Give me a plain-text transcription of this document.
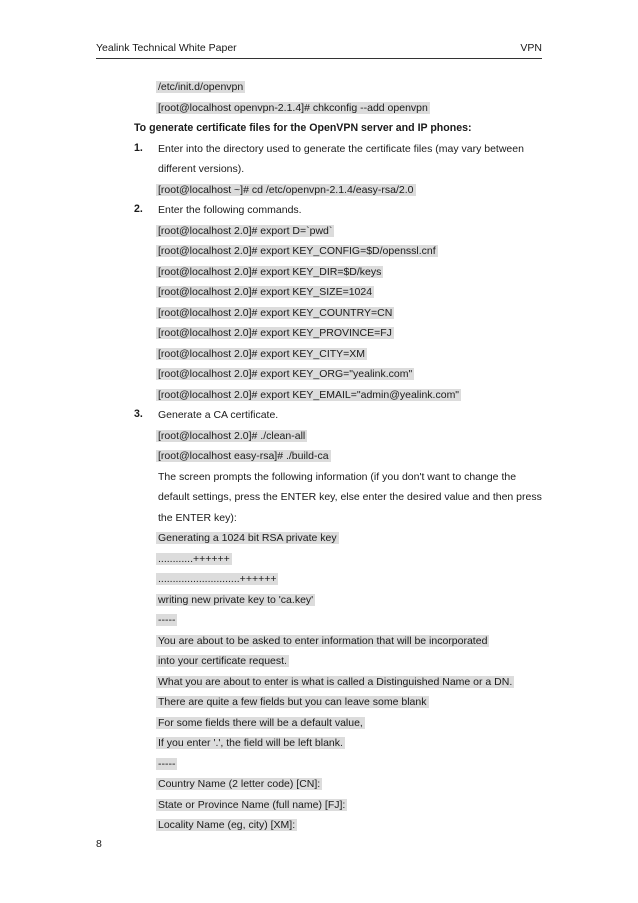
Yealink Technical White Paper	VPN
/etc/init.d/openvpn
[root@localhost openvpn-2.1.4]# chkconfig --add openvpn
To generate certificate files for the OpenVPN server and IP phones:
1. Enter into the directory used to generate the certificate files (may vary between
different versions).
[root@localhost ~]# cd /etc/openvpn-2.1.4/easy-rsa/2.0
2. Enter the following commands.
[root@localhost 2.0]# export D=`pwd`
[root@localhost 2.0]# export KEY_CONFIG=$D/openssl.cnf
[root@localhost 2.0]# export KEY_DIR=$D/keys
[root@localhost 2.0]# export KEY_SIZE=1024
[root@localhost 2.0]# export KEY_COUNTRY=CN
[root@localhost 2.0]# export KEY_PROVINCE=FJ
[root@localhost 2.0]# export KEY_CITY=XM
[root@localhost 2.0]# export KEY_ORG="yealink.com"
[root@localhost 2.0]# export KEY_EMAIL="admin@yealink.com"
3. Generate a CA certificate.
[root@localhost 2.0]# ./clean-all
[root@localhost easy-rsa]# ./build-ca
The screen prompts the following information (if you don't want to change the
default settings, press the ENTER key, else enter the desired value and then press
the ENTER key):
Generating a 1024 bit RSA private key
............++++++
............................++++++
writing new private key to 'ca.key'
-----
You are about to be asked to enter information that will be incorporated
into your certificate request.
What you are about to enter is what is called a Distinguished Name or a DN.
There are quite a few fields but you can leave some blank
For some fields there will be a default value,
If you enter '.', the field will be left blank.
-----
Country Name (2 letter code) [CN]:
State or Province Name (full name) [FJ]:
Locality Name (eg, city) [XM]:
8
